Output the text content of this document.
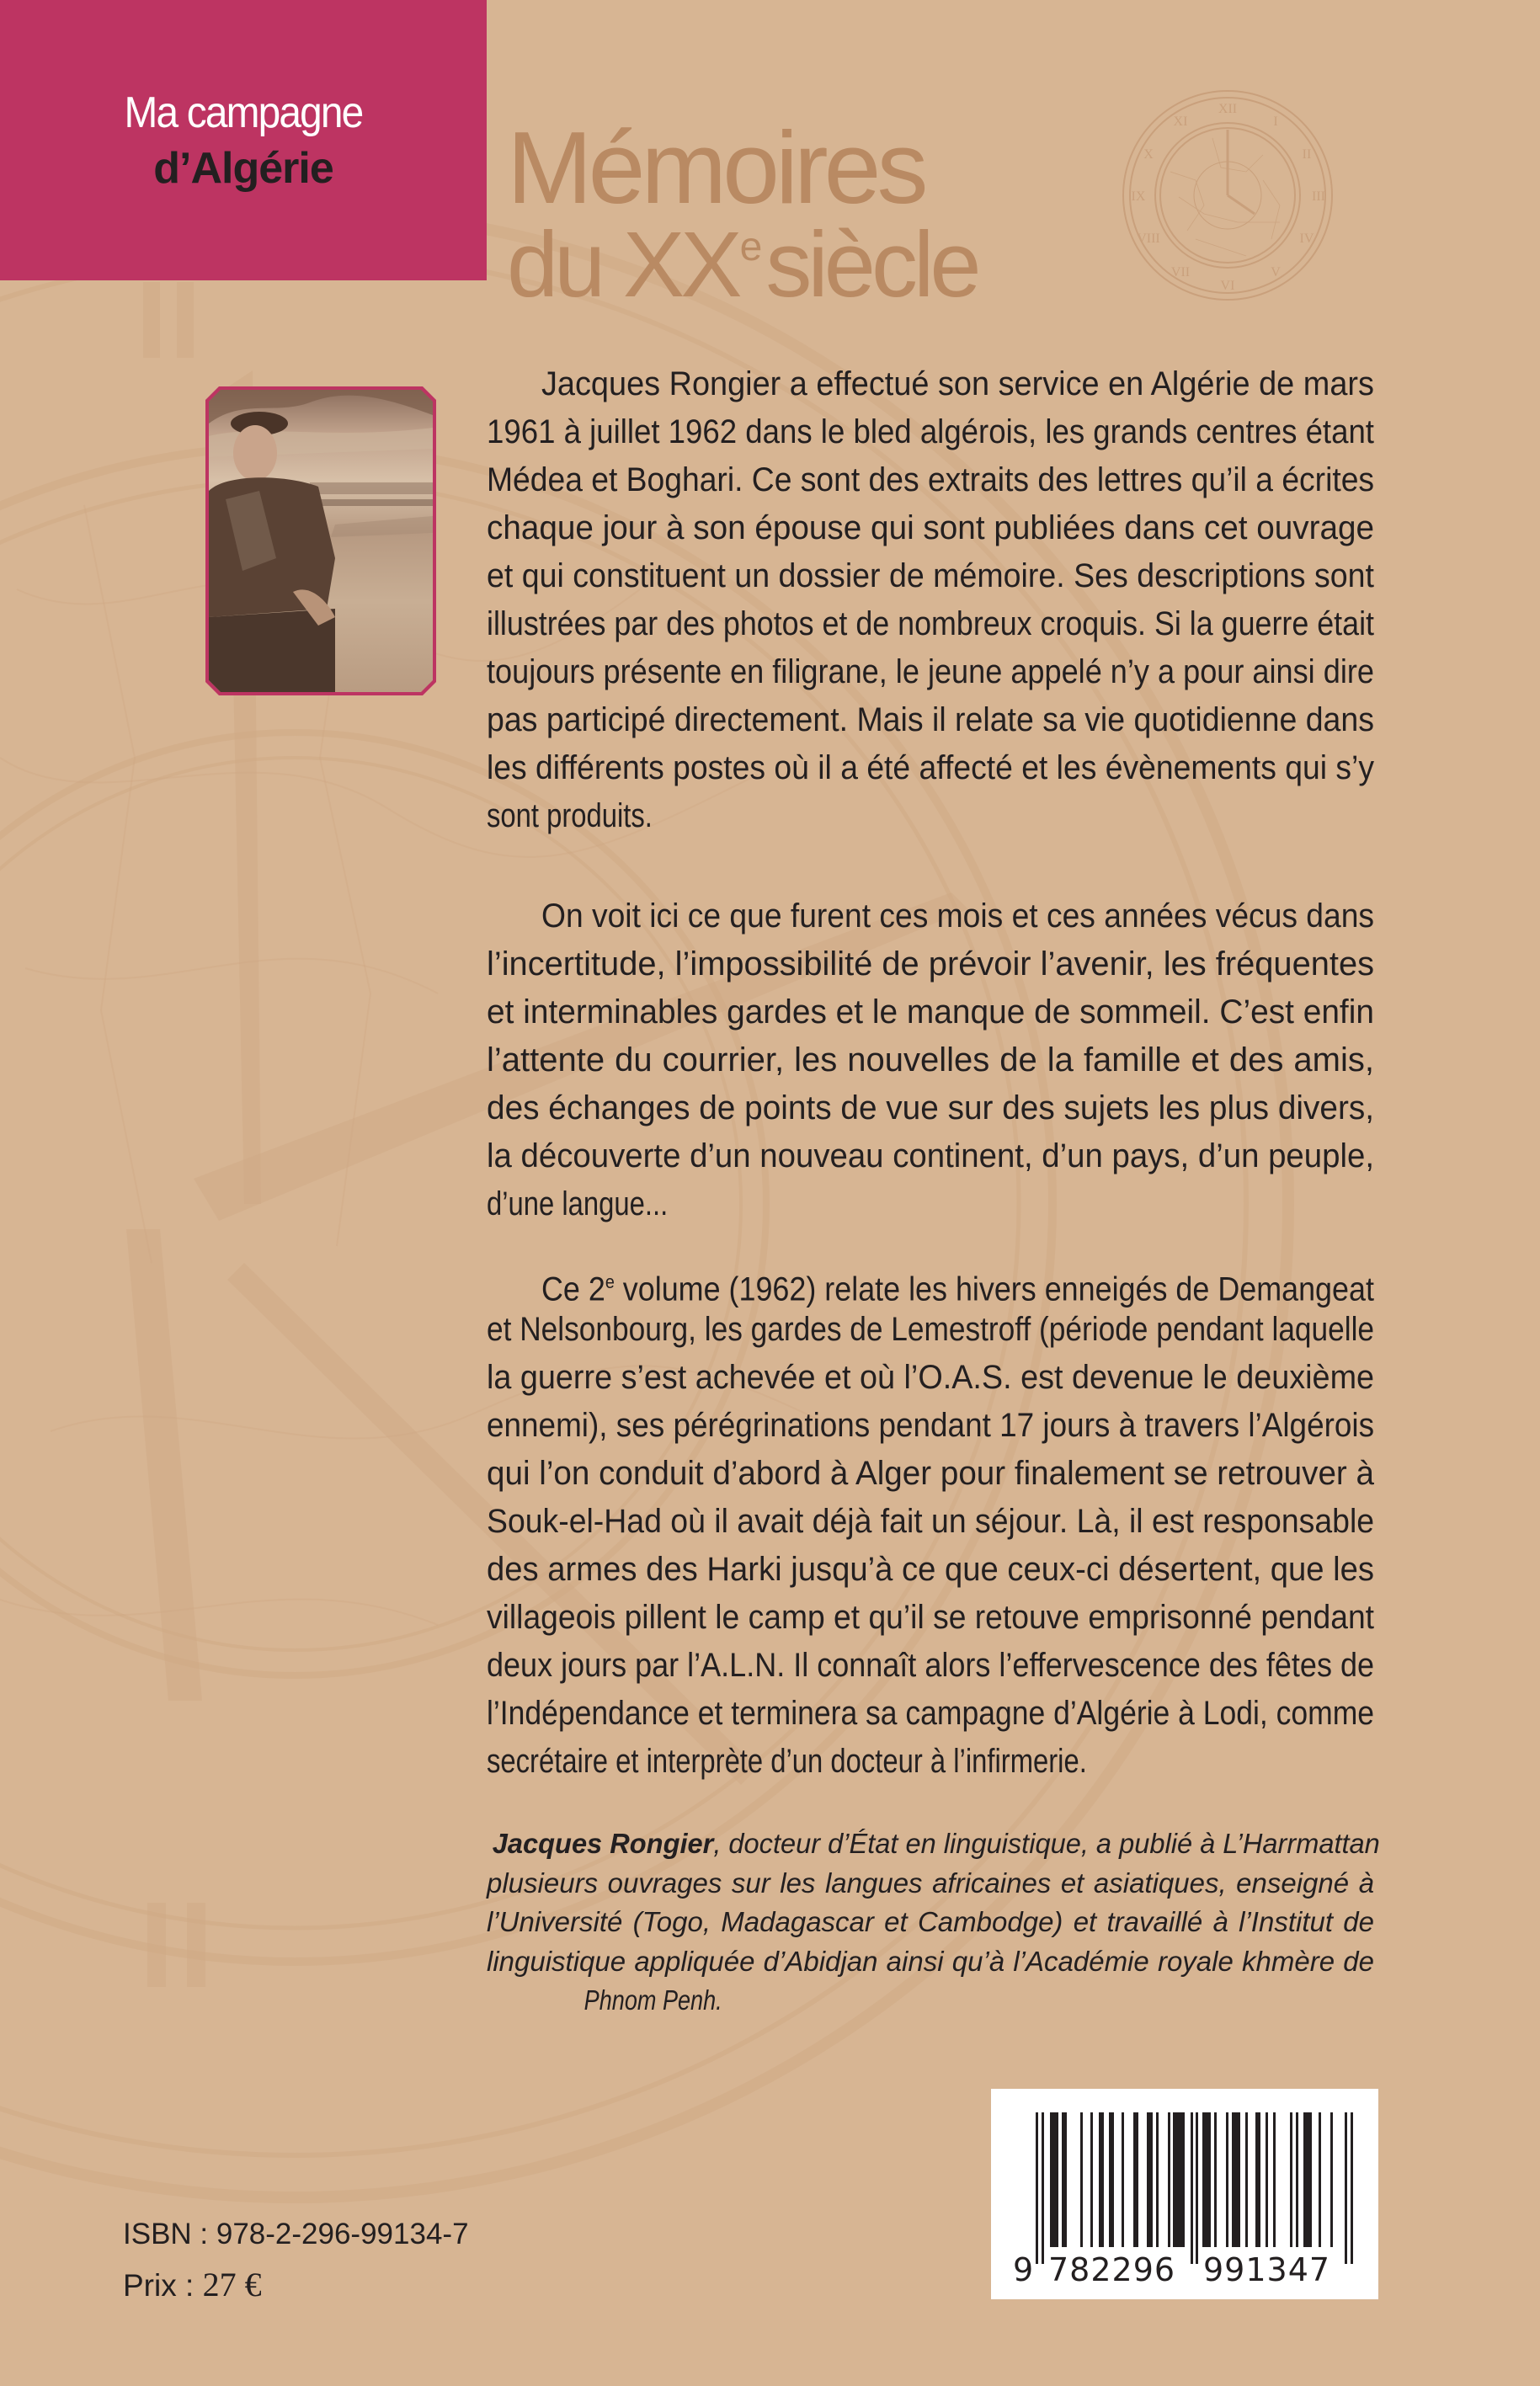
Ma campagne
d’Algérie	Mémoires
du XXesiècle
XII
I
II
III
IV
V
VI
VII
VIII
IX
X
XI
Jacques Rongier a effectué son service en Algérie de mars
1961 à juillet 1962 dans le bled algérois, les grands centres étant
Médea et Boghari. Ce sont des extraits des lettres qu’il a écrites
chaque jour à son épouse qui sont publiées dans cet ouvrage
et qui constituent un dossier de mémoire. Ses descriptions sont
illustrées par des photos et de nombreux croquis. Si la guerre était
toujours présente en filigrane, le jeune appelé n’y a pour ainsi dire
pas participé directement. Mais il relate sa vie quotidienne dans
les différents postes où il a été affecté et les évènements qui s’y
sont produits.
On voit ici ce que furent ces mois et ces années vécus dans
l’incertitude, l’impossibilité de prévoir l’avenir, les fréquentes
et interminables gardes et le manque de sommeil. C’est enfin
l’attente du courrier, les nouvelles de la famille et des amis,
des échanges de points de vue sur des sujets les plus divers,
la découverte d’un nouveau continent, d’un pays, d’un peuple,
d’une langue...
Ce 2e volume (1962) relate les hivers enneigés de Demangeat
et Nelsonbourg, les gardes de Lemestroff (période pendant laquelle
la guerre s’est achevée et où l’O.A.S. est devenue le deuxième
ennemi), ses pérégrinations pendant 17 jours à travers l’Algérois
qui l’on conduit d’abord à Alger pour finalement se retrouver à
Souk-el-Had où il avait déjà fait un séjour. Là, il est responsable
des armes des Harki jusqu’à ce que ceux-ci désertent, que les
villageois pillent le camp et qu’il se retouve emprisonné pendant
deux jours par l’A.L.N. Il connaît alors l’effervescence des fêtes de
l’Indépendance et terminera sa campagne d’Algérie à Lodi, comme
secrétaire et interprète d’un docteur à l’infirmerie.
Jacques Rongier, docteur d’État en linguistique, a publié à L’Harrmattan
plusieurs ouvrages sur les langues africaines et asiatiques, enseigné à
l’Université (Togo, Madagascar et Cambodge) et travaillé à l’Institut de
linguistique appliquée d’Abidjan ainsi qu’à l’Académie royale khmère de
Phnom Penh.
ISBN : 978-2-296-99134-7
Prix : 27 €	9 782296 991347
